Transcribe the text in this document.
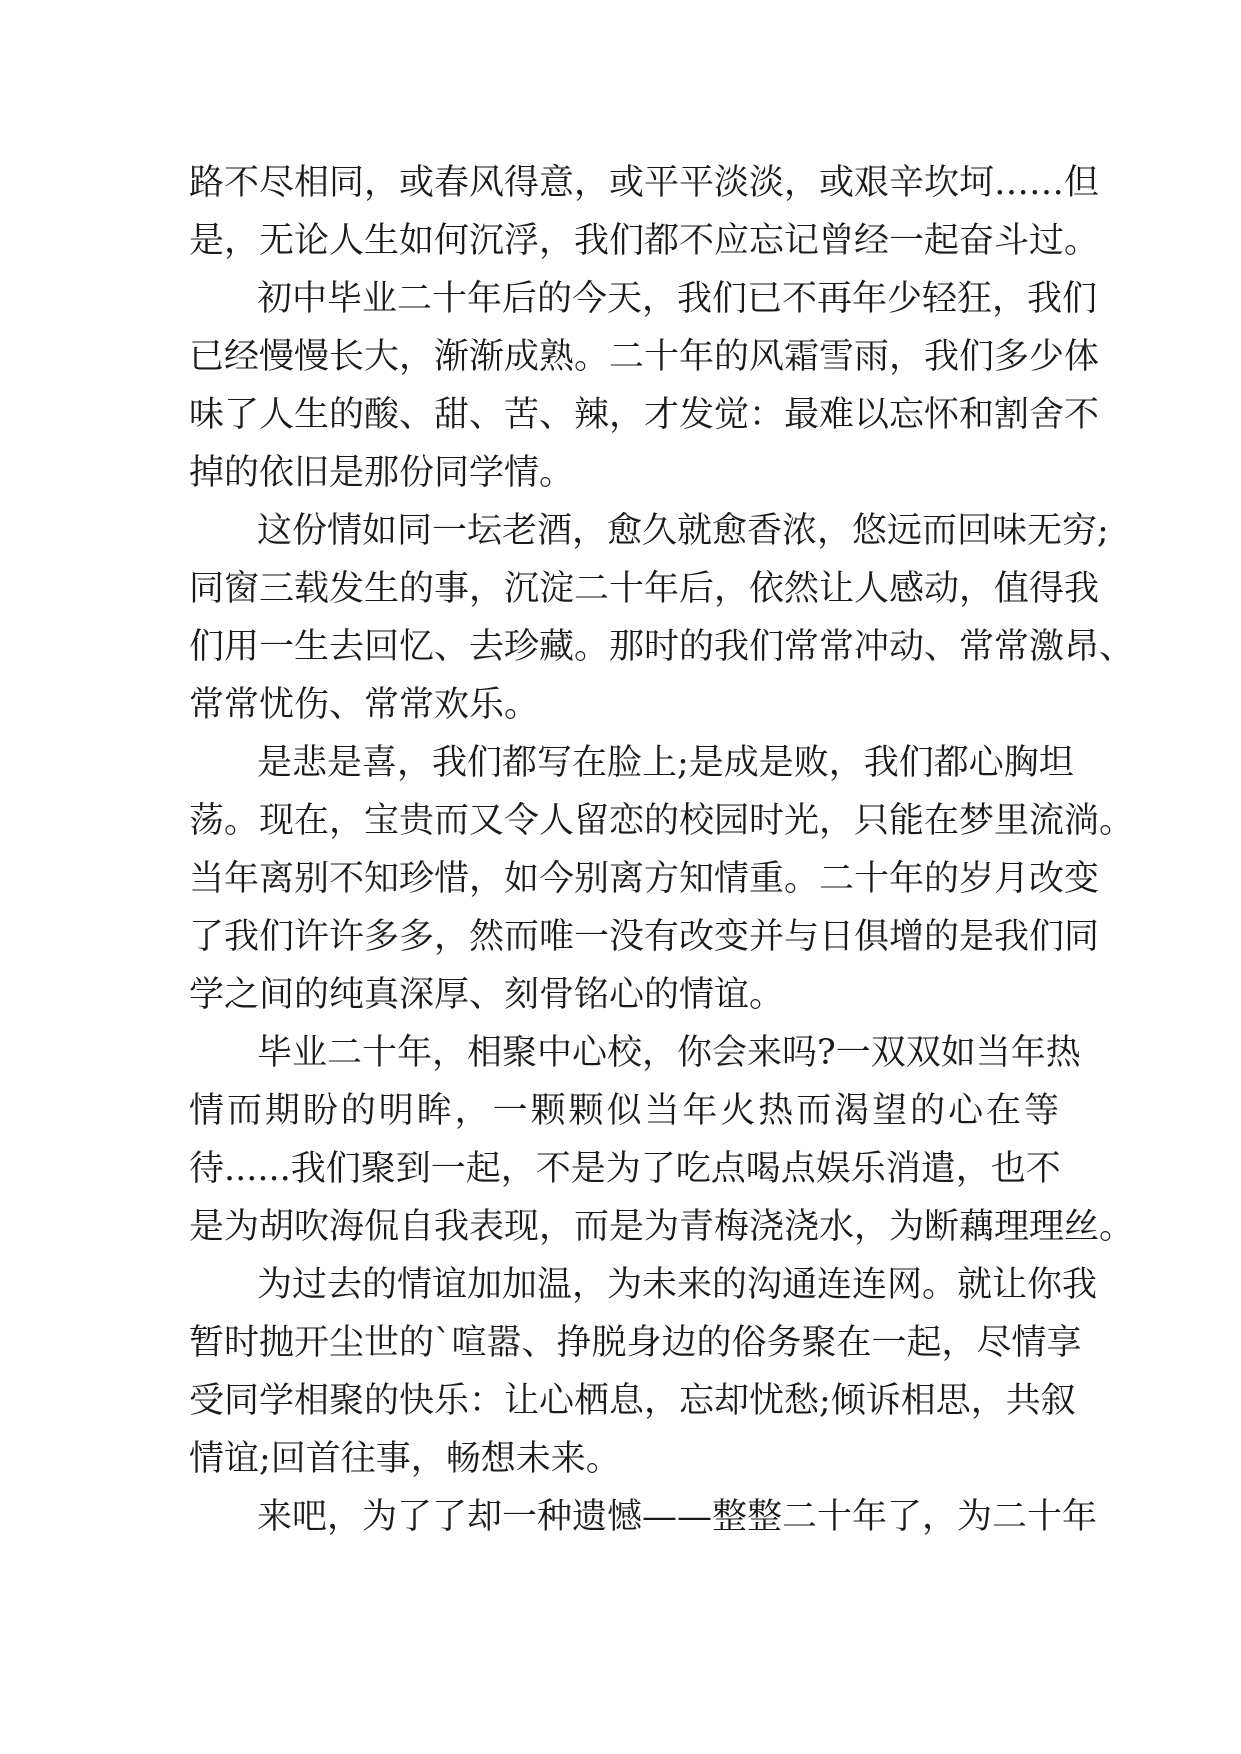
路不尽相同，或春风得意，或平平淡淡，或艰辛坎坷……但
是，无论人生如何沉浮，我们都不应忘记曾经一起奋斗过。
初中毕业二十年后的今天，我们已不再年少轻狂，我们
已经慢慢长大，渐渐成熟。二十年的风霜雪雨，我们多少体
味了人生的酸、甜、苦、辣，才发觉：最难以忘怀和割舍不
掉的依旧是那份同学情。
这份情如同一坛老酒，愈久就愈香浓，悠远而回味无穷;
同窗三载发生的事，沉淀二十年后，依然让人感动，值得我
们用一生去回忆、去珍藏。那时的我们常常冲动、常常激昂、
常常忧伤、常常欢乐。
是悲是喜，我们都写在脸上;是成是败，我们都心胸坦
荡。现在，宝贵而又令人留恋的校园时光，只能在梦里流淌。
当年离别不知珍惜，如今别离方知情重。二十年的岁月改变
了我们许许多多，然而唯一没有改变并与日俱增的是我们同
学之间的纯真深厚、刻骨铭心的情谊。
毕业二十年，相聚中心校，你会来吗?一双双如当年热
情而期盼的明眸，一颗颗似当年火热而渴望的心在等
待......我们聚到一起，不是为了吃点喝点娱乐消遣，也不
是为胡吹海侃自我表现，而是为青梅浇浇水，为断藕理理丝。
为过去的情谊加加温，为未来的沟通连连网。就让你我
暂时抛开尘世的`喧嚣、挣脱身边的俗务聚在一起，尽情享
受同学相聚的快乐：让心栖息，忘却忧愁;倾诉相思，共叙
情谊;回首往事，畅想未来。
来吧，为了了却一种遗憾——整整二十年了，为二十年
